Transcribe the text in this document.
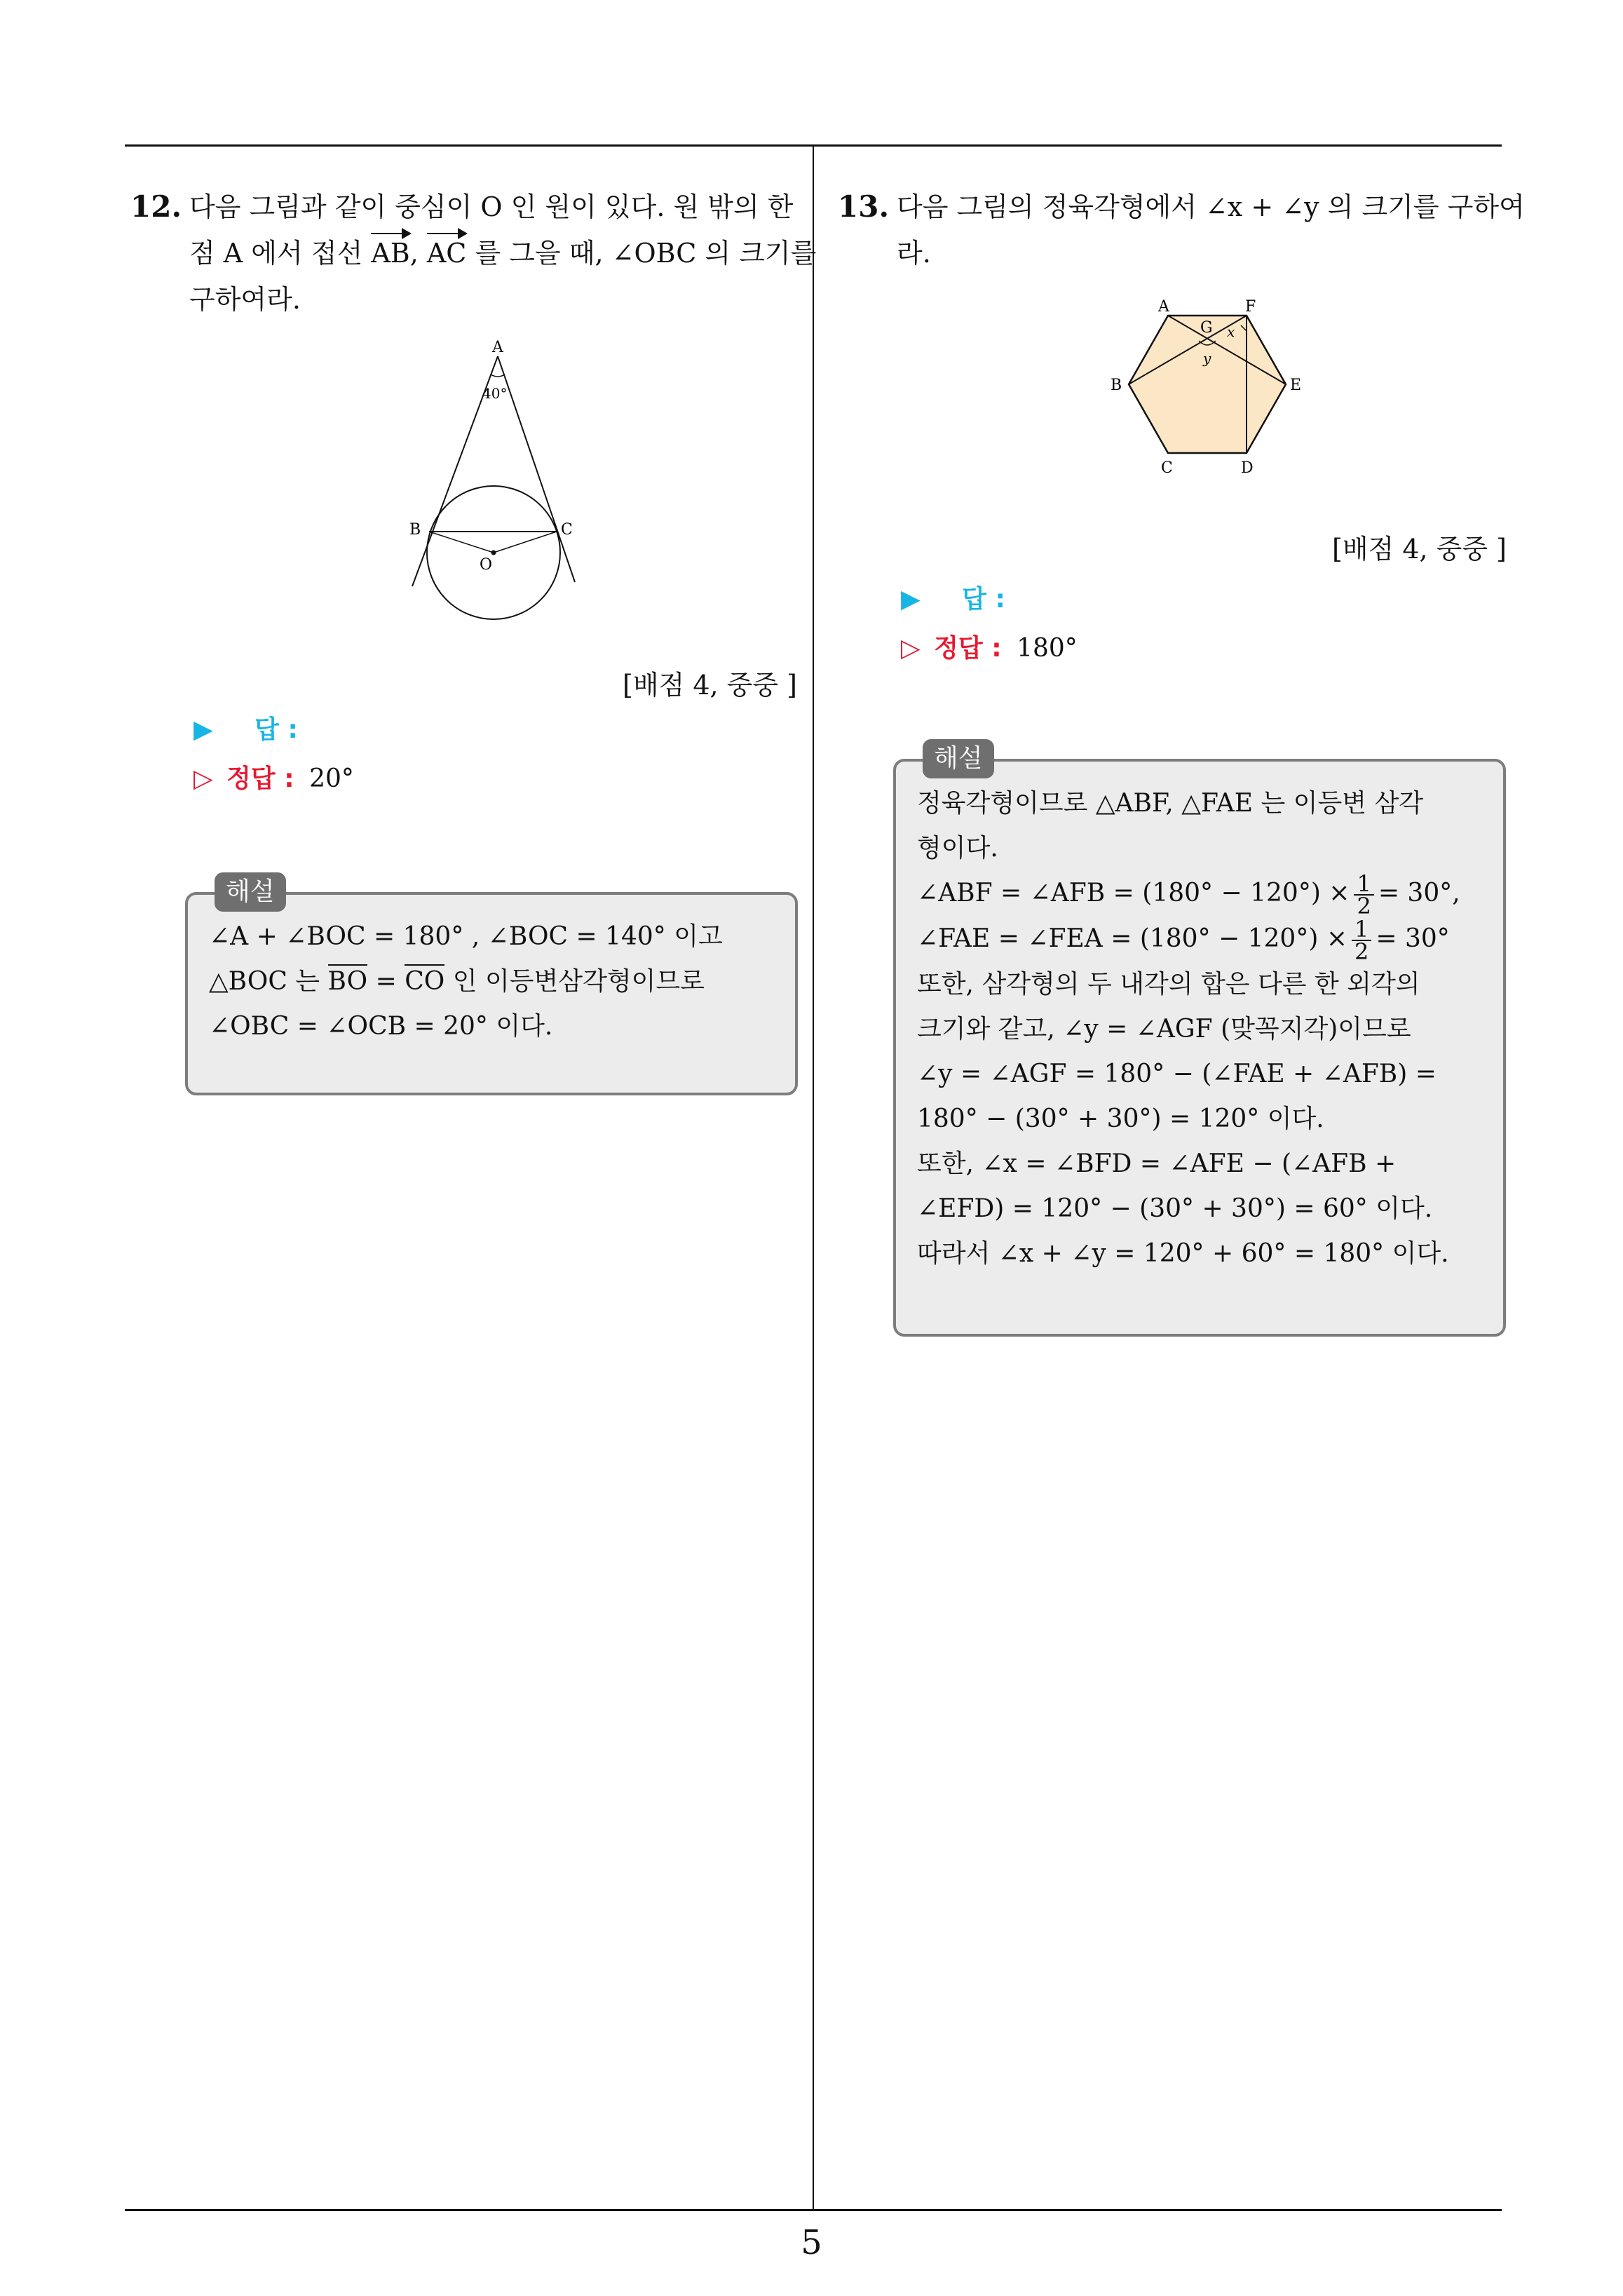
12. 다음 그림과 같이 중심이 O 인 원이 있다. 원 밖의 한
점 A 에서 접선 AB, AC 를 그을 때, ∠OBC 의 크기를
구하여라.
A
40°
B	C
O
[배점 4, 중중 ]
▶ 답 :
▷ 정답 : 20°
해설
∠A + ∠BOC = 180° , ∠BOC = 140° 이고
△BOC 는 BO = CO 인 이등변삼각형이므로
∠OBC = ∠OCB = 20° 이다.
13. 다음 그림의 정육각형에서 ∠x + ∠y 의 크기를 구하여
라.
A	F
G x
y
B	E
C	D
[배점 4, 중중 ]
▶ 답 :
▷ 정답 : 180°
해설
정육각형이므로 △ABF, △FAE 는 이등변 삼각
형이다.
∠ABF = ∠AFB = $(180^\circ - 120^\circ) \times \frac{1}{2} = 30^\circ$,
∠FAE = ∠FEA = $(180^\circ - 120^\circ) \times \frac{1}{2} = 30^\circ$
또한, 삼각형의 두 내각의 합은 다른 한 외각의
크기와 같고, ∠y = ∠AGF (맞꼭지각)이므로
∠y = ∠AGF = 180° − (∠FAE + ∠AFB) =
180° − (30° + 30°) = 120° 이다.
또한, ∠x = ∠BFD = ∠AFE − (∠AFB +
∠EFD) = 120° − (30° + 30°) = 60° 이다.
따라서 ∠x + ∠y = 120° + 60° = 180° 이다.
5
